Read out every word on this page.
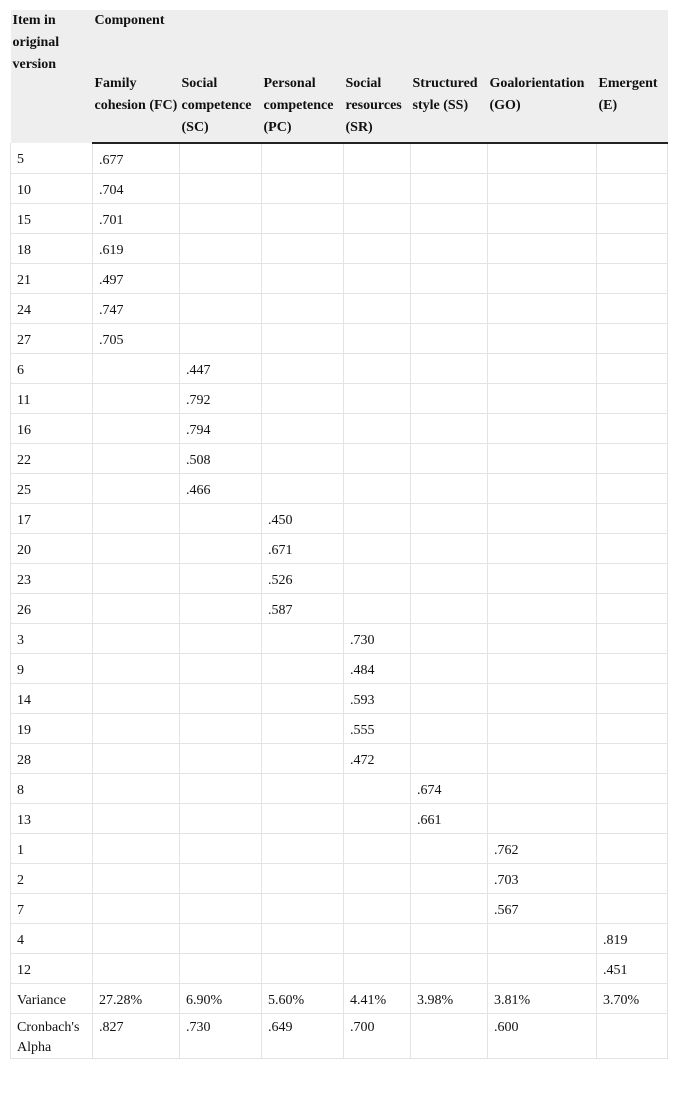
Item in original version	Component						
	Family cohesion (FC)	Social competence (SC)	Personal competence (PC)	Social resources (SR)	Structured style (SS)	Goalorientation (GO)	Emergent (E)
5	.677						
10	.704						
15	.701						
18	.619						
21	.497						
24	.747						
27	.705						
6		.447					
11		.792					
16		.794					
22		.508					
25		.466					
17			.450				
20			.671				
23			.526				
26			.587				
3				.730			
9				.484			
14				.593			
19				.555			
28				.472			
8					.674		
13					.661		
1						.762	
2						.703	
7						.567	
4							.819
12							.451
Variance	27.28%	6.90%	5.60%	4.41%	3.98%	3.81%	3.70%
Cronbach's Alpha	.827	.730	.649	.700		.600	
